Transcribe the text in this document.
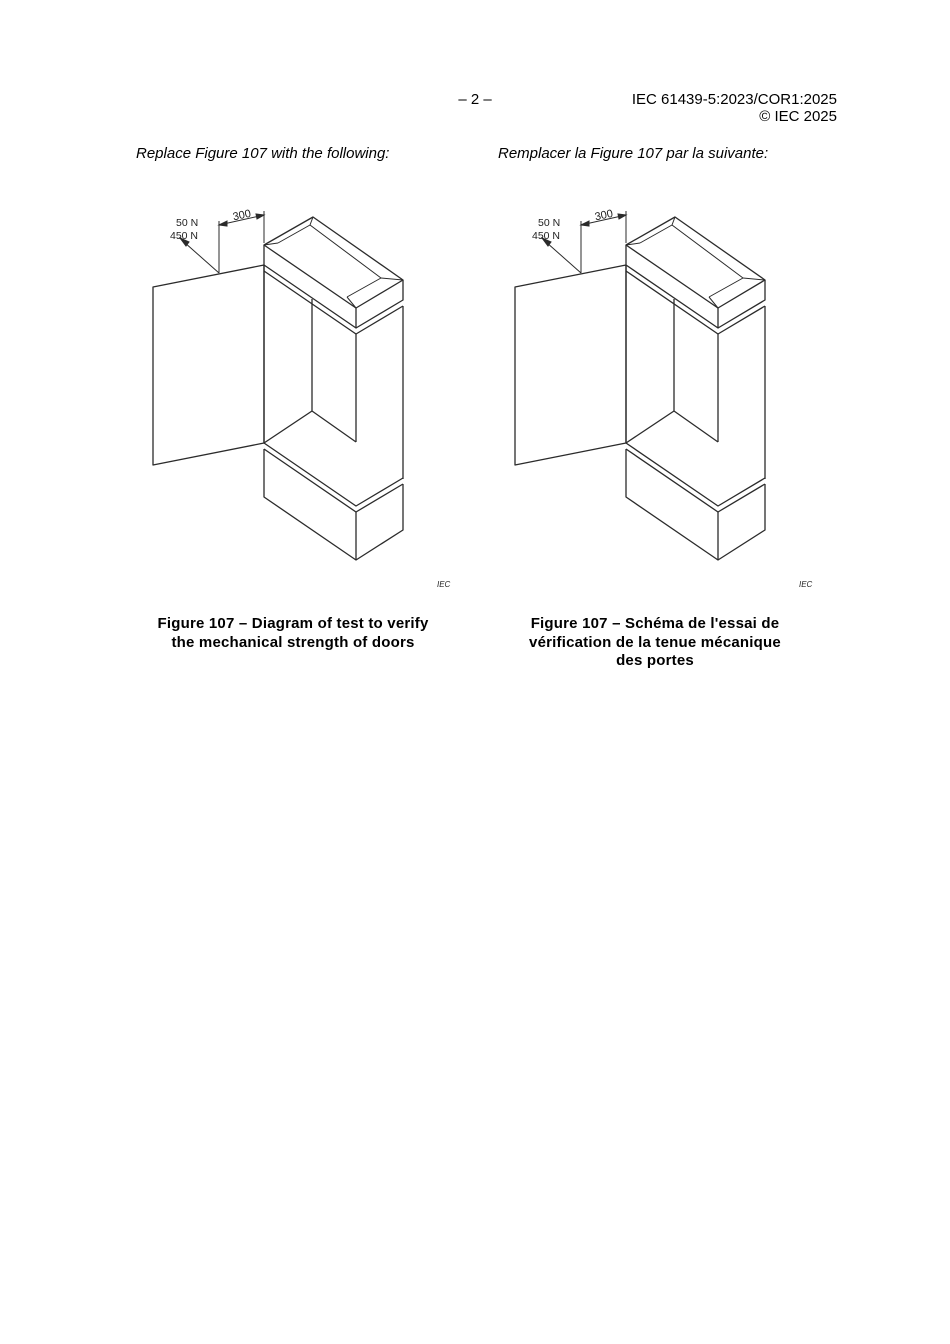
– 2 –	IEC 61439-5:2023/COR1:2025
© IEC 2025
Replace Figure 107 with the following:	Remplacer la Figure 107 par la suivante:
300
50 N
450 N
IEC
300
50 N
450 N
IEC
Figure 107 – Diagram of test to verify
the mechanical strength of doors
Figure 107 – Schéma de l'essai de
vérification de la tenue mécanique
des portes
